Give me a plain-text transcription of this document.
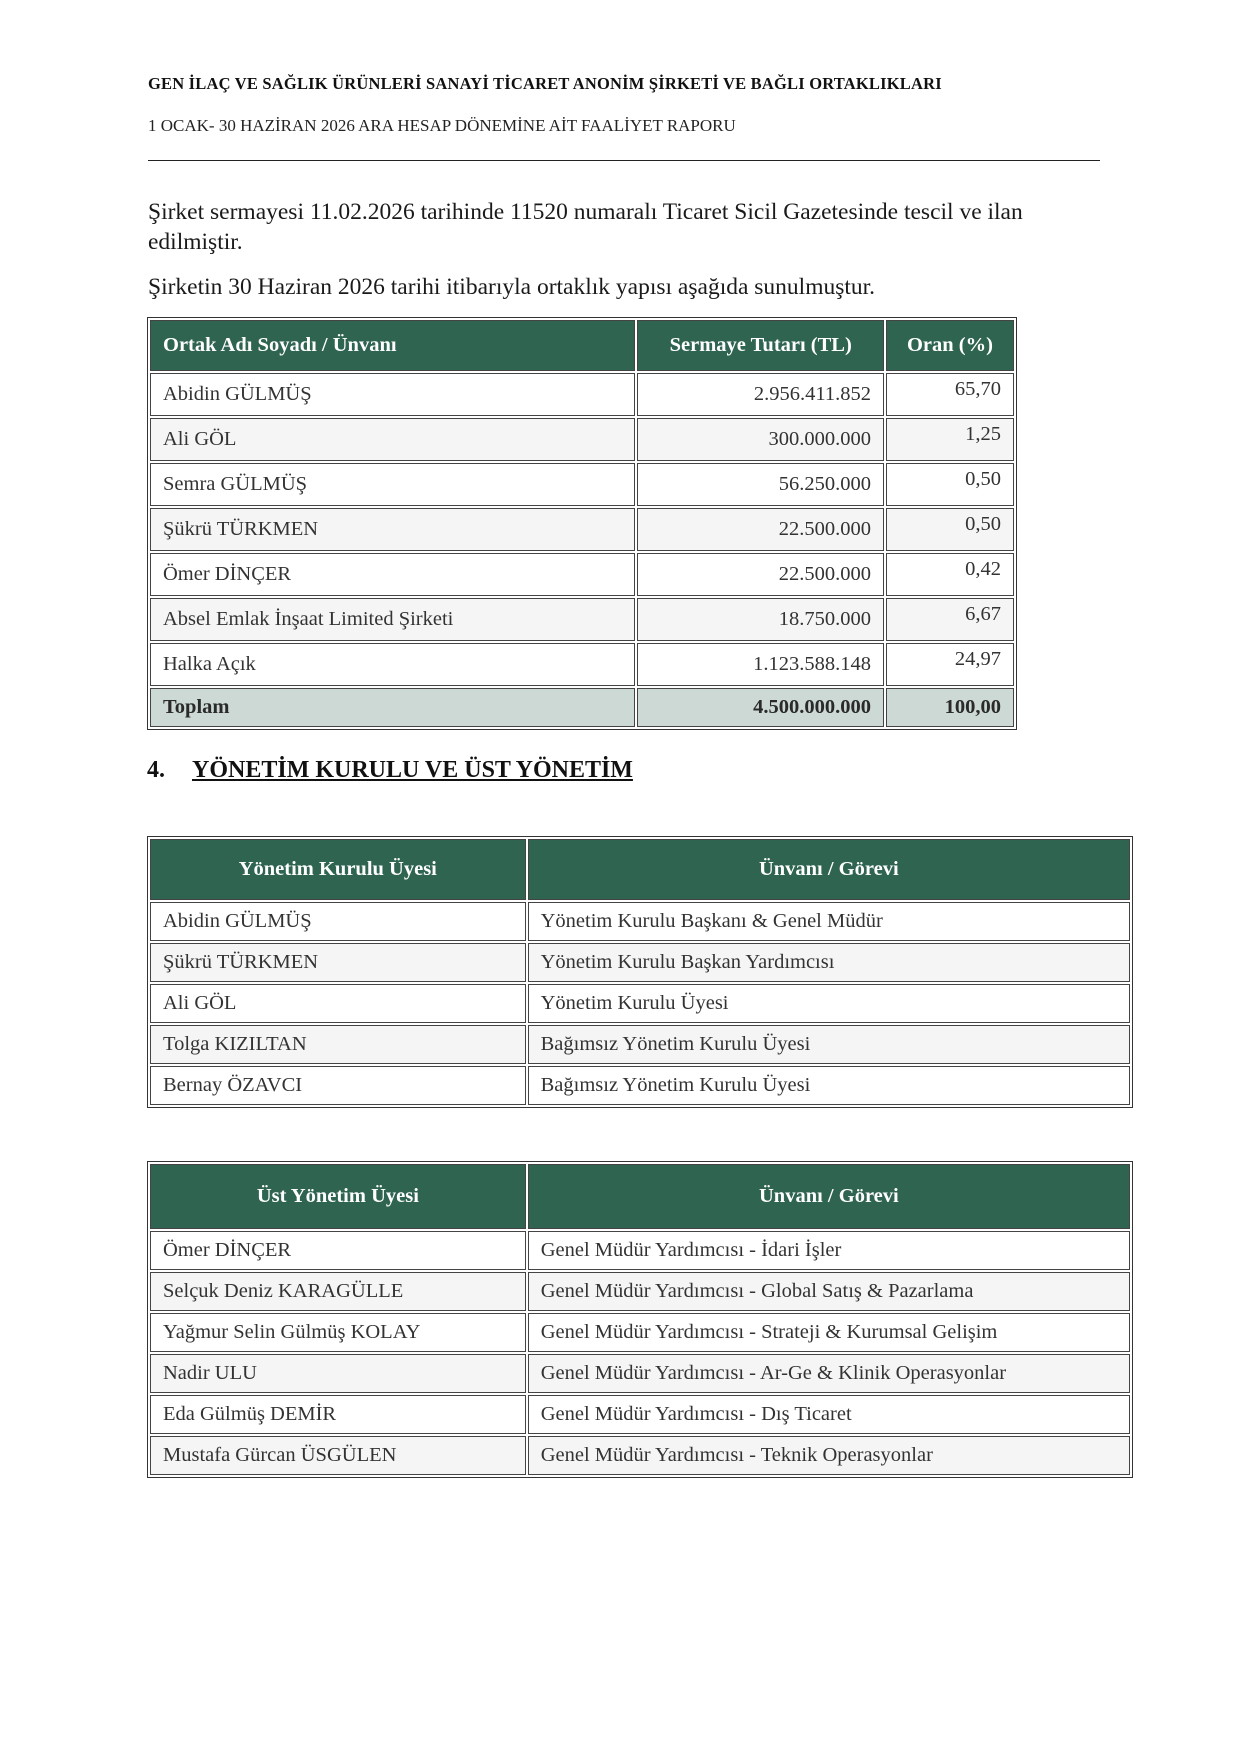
GEN İLAÇ VE SAĞLIK ÜRÜNLERİ SANAYİ TİCARET ANONİM ŞİRKETİ VE BAĞLI ORTAKLIKLARI
1 OCAK- 30 HAZİRAN 2026 ARA HESAP DÖNEMİNE AİT FAALİYET RAPORU
Şirket sermayesi 11.02.2026 tarihinde 11520 numaralı Ticaret Sicil Gazetesinde tescil ve ilan edilmiştir.
Şirketin 30 Haziran 2026 tarihi itibarıyla ortaklık yapısı aşağıda sunulmuştur.
Ortak Adı Soyadı / Ünvanı	Sermaye Tutarı (TL)	Oran (%)
Abidin GÜLMÜŞ	2.956.411.852	65,70
Ali GÖL	300.000.000	1,25
Semra GÜLMÜŞ	56.250.000	0,50
Şükrü TÜRKMEN	22.500.000	0,50
Ömer DİNÇER	22.500.000	0,42
Absel Emlak İnşaat Limited Şirketi	18.750.000	6,67
Halka Açık	1.123.588.148	24,97
Toplam	4.500.000.000	100,00
4. YÖNETİM KURULU VE ÜST YÖNETİM
Yönetim Kurulu Üyesi	Ünvanı / Görevi
Abidin GÜLMÜŞ	Yönetim Kurulu Başkanı & Genel Müdür
Şükrü TÜRKMEN	Yönetim Kurulu Başkan Yardımcısı
Ali GÖL	Yönetim Kurulu Üyesi
Tolga KIZILTAN	Bağımsız Yönetim Kurulu Üyesi
Bernay ÖZAVCI	Bağımsız Yönetim Kurulu Üyesi
Üst Yönetim Üyesi	Ünvanı / Görevi
Ömer DİNÇER	Genel Müdür Yardımcısı - İdari İşler
Selçuk Deniz KARAGÜLLE	Genel Müdür Yardımcısı - Global Satış & Pazarlama
Yağmur Selin Gülmüş KOLAY	Genel Müdür Yardımcısı - Strateji & Kurumsal Gelişim
Nadir ULU	Genel Müdür Yardımcısı - Ar-Ge & Klinik Operasyonlar
Eda Gülmüş DEMİR	Genel Müdür Yardımcısı - Dış Ticaret
Mustafa Gürcan ÜSGÜLEN	Genel Müdür Yardımcısı - Teknik Operasyonlar
